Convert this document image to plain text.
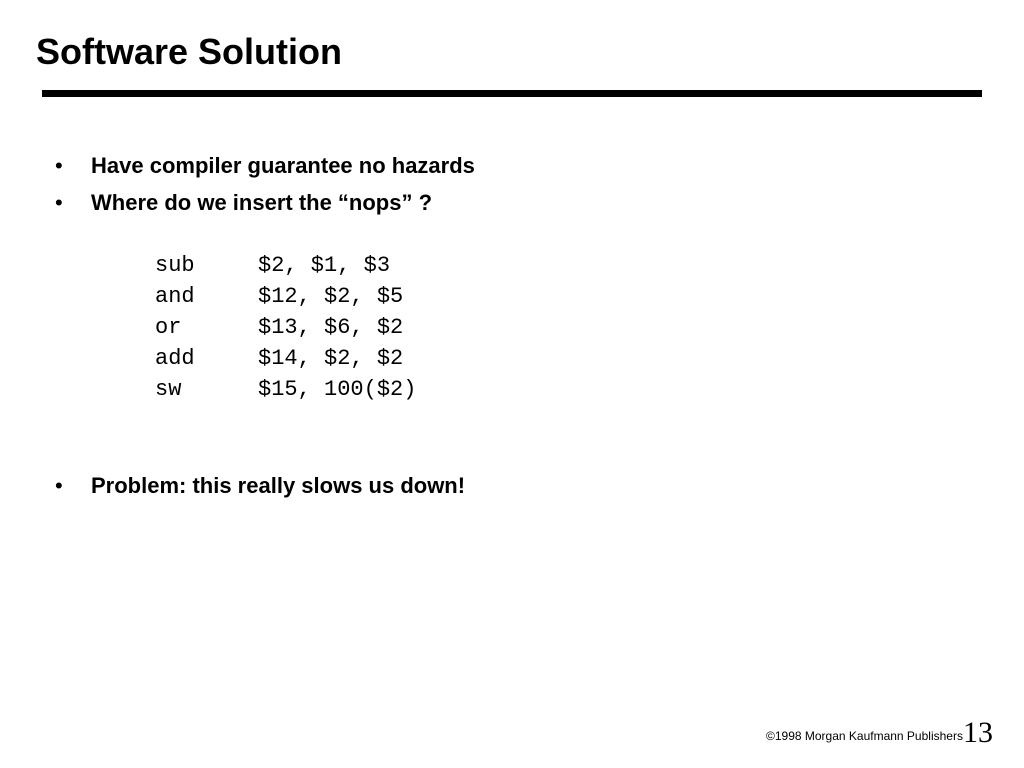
Software Solution
• Have compiler guarantee no hazards
• Where do we insert the “nops” ?
sub	$2, $1, $3
and	$12, $2, $5
or	$13, $6, $2
add	$14, $2, $2
sw	$15, 100($2)
• Problem: this really slows us down!
©1998 Morgan Kaufmann Publishers 13
